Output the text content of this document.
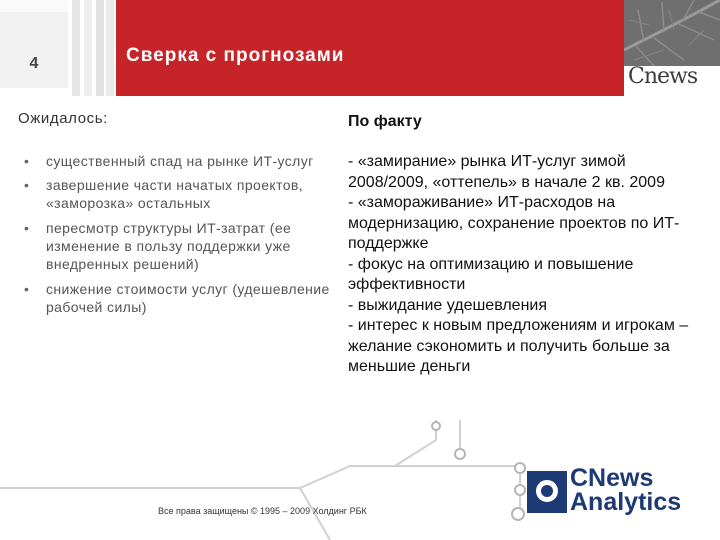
4	Сверка с прогнозами
Cnews
Ожидалось:
• существенный спад на рынке ИТ-услуг
• завершение части начатых проектов, «заморозка» остальных
• пересмотр структуры ИТ-затрат (ее изменение в пользу поддержки уже внедренных решений)
• снижение стоимости услуг (удешевление рабочей силы)
По факту
- «замирание» рынка ИТ-услуг зимой 2008/2009, «оттепель» в начале 2 кв. 2009
- «замораживание» ИТ-расходов на модернизацию, сохранение проектов по ИТ-поддержке
- фокус на оптимизацию и повышение эффективности
- выжидание удешевления
- интерес к новым предложениям и игрокам – желание сэкономить и получить больше за меньшие деньги
Все права защищены © 1995 – 2009 Холдинг РБК
CNews
Analytics
